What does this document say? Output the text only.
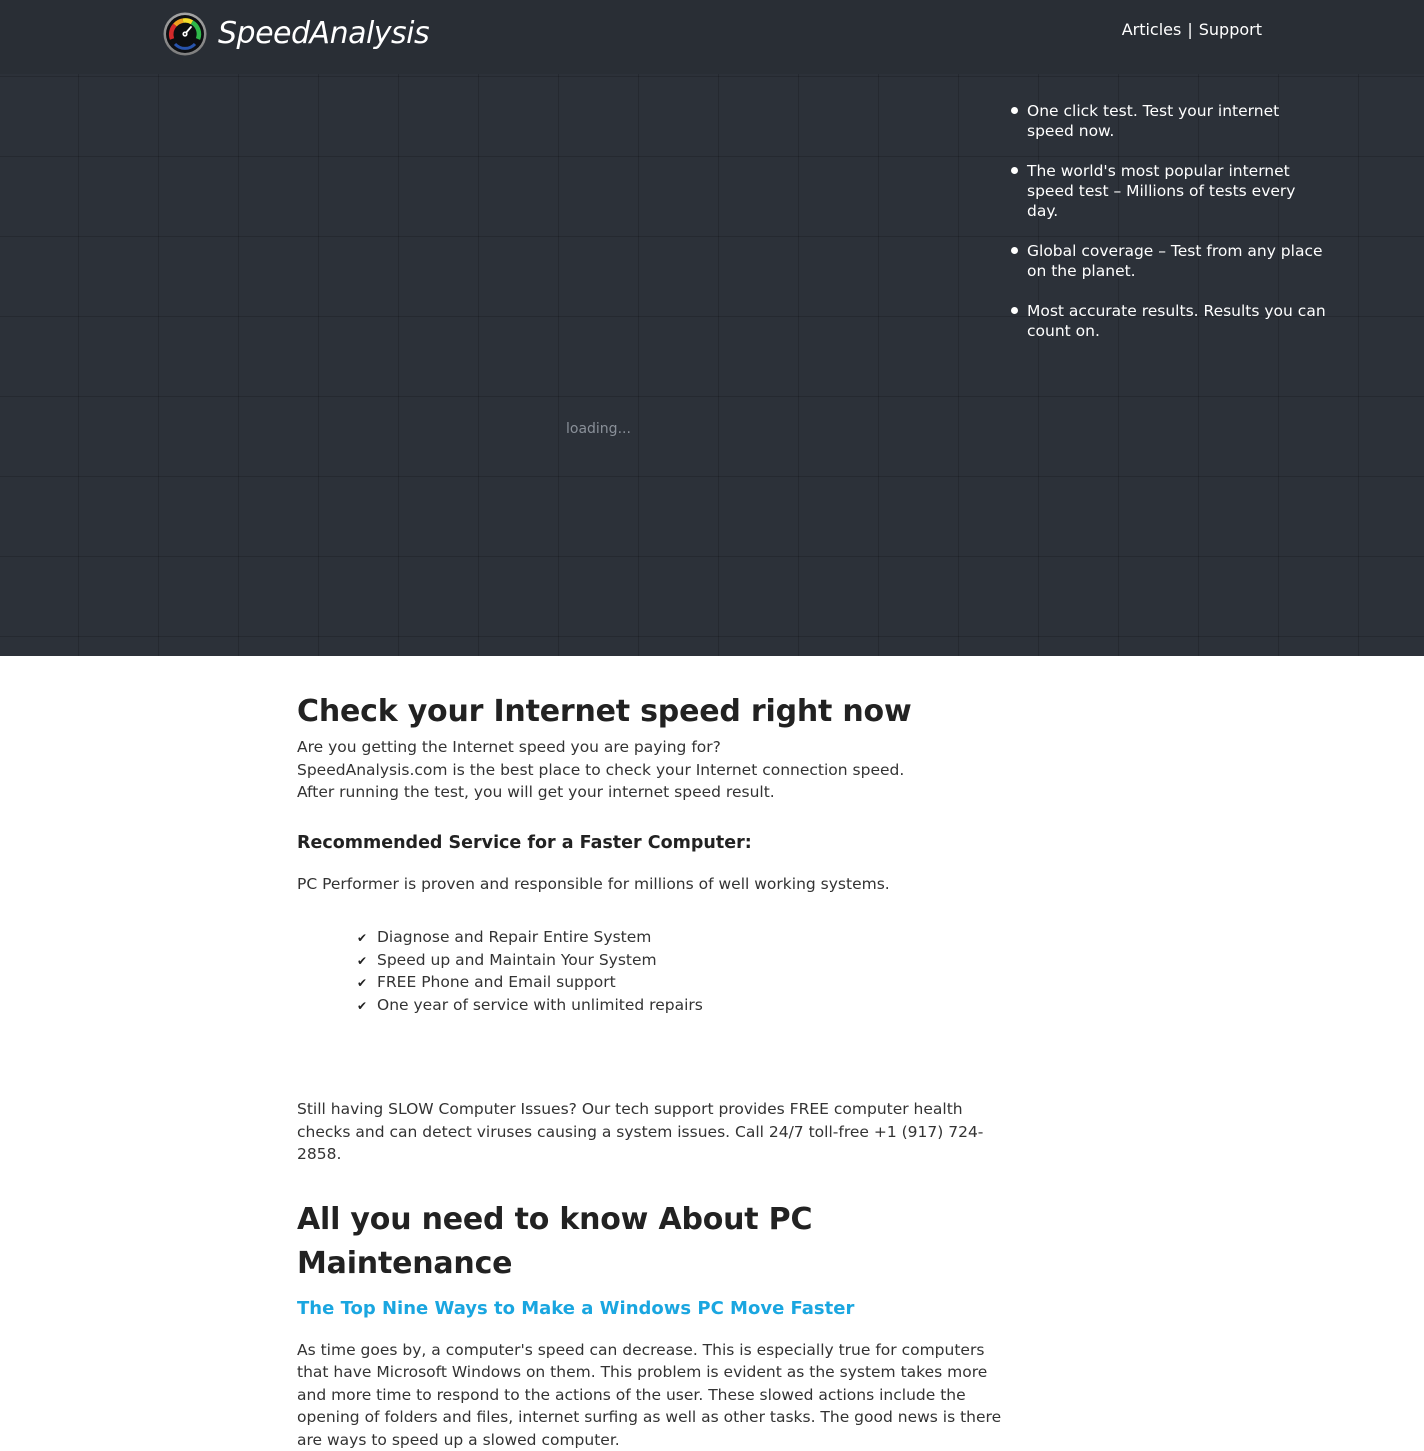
SpeedAnalysis	Articles | Support
loading...
One click test. Test your internet speed now.
The world's most popular internet speed test – Millions of tests every day.
Global coverage – Test from any place on the planet.
Most accurate results. Results you can count on.
Check your Internet speed right now
Are you getting the Internet speed you are paying for?
SpeedAnalysis.com is the best place to check your Internet connection speed.
After running the test, you will get your internet speed result.
Recommended Service for a Faster Computer:

PC Performer is proven and responsible for millions of well working systems.

✔ Diagnose and Repair Entire System
✔ Speed up and Maintain Your System
✔ FREE Phone and Email support
✔ One year of service with unlimited repairs

Still having SLOW Computer Issues? Our tech support provides FREE computer health checks and can detect viruses causing a system issues. Call 24/7 toll-free +1 (917) 724-2858.

All you need to know About PC Maintenance
The Top Nine Ways to Make a Windows PC Move Faster

As time goes by, a computer's speed can decrease. This is especially true for computers that have Microsoft Windows on them. This problem is evident as the system takes more and more time to respond to the actions of the user. These slowed actions include the opening of folders and files, internet surfing as well as other tasks. The good news is there are ways to speed up a slowed computer.
